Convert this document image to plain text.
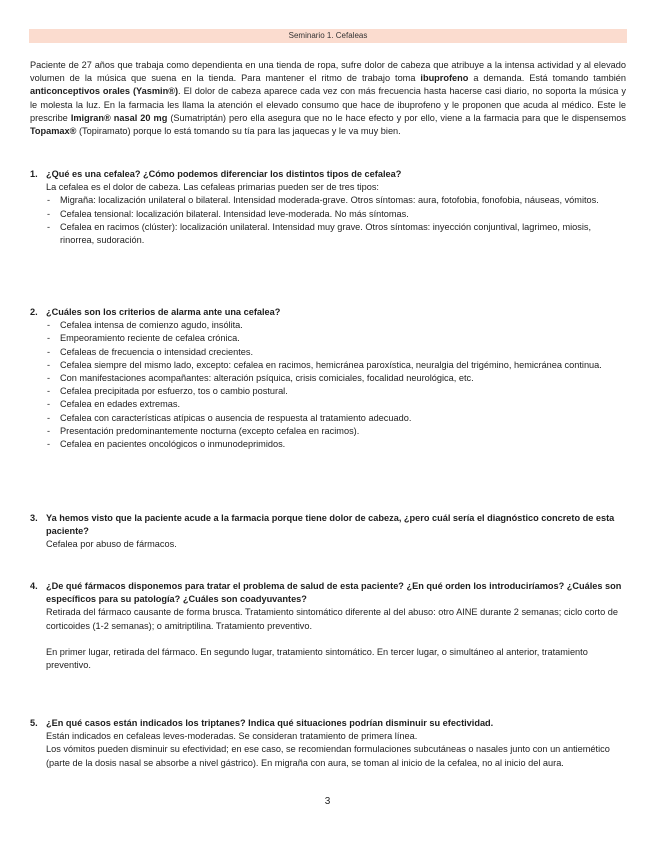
Seminario 1. Cefaleas
Paciente de 27 años que trabaja como dependienta en una tienda de ropa, sufre dolor de cabeza que atribuye a la intensa actividad y al elevado volumen de la música que suena en la tienda. Para mantener el ritmo de trabajo toma ibuprofeno a demanda. Está tomando también anticonceptivos orales (Yasmin®). El dolor de cabeza aparece cada vez con más frecuencia hasta hacerse casi diario, no soporta la música y le molesta la luz. En la farmacia les llama la atención el elevado consumo que hace de ibuprofeno y le proponen que acuda al médico. Este le prescribe Imigran® nasal 20 mg (Sumatriptán) pero ella asegura que no le hace efecto y por ello, viene a la farmacia para que le dispensemos Topamax® (Topiramato) porque lo está tomando su tía para las jaquecas y le va muy bien.
1. ¿Qué es una cefalea? ¿Cómo podemos diferenciar los distintos tipos de cefalea?
La cefalea es el dolor de cabeza. Las cefaleas primarias pueden ser de tres tipos:
- Migraña: localización unilateral o bilateral. Intensidad moderada-grave. Otros síntomas: aura, fotofobia, fonofobia, náuseas, vómitos.
- Cefalea tensional: localización bilateral. Intensidad leve-moderada. No más síntomas.
- Cefalea en racimos (clúster): localización unilateral. Intensidad muy grave. Otros síntomas: inyección conjuntival, lagrimeo, miosis, rinorrea, sudoración.
2. ¿Cuáles son los criterios de alarma ante una cefalea?
- Cefalea intensa de comienzo agudo, insólita.
- Empeoramiento reciente de cefalea crónica.
- Cefaleas de frecuencia o intensidad crecientes.
- Cefalea siempre del mismo lado, excepto: cefalea en racimos, hemicránea paroxística, neuralgia del trigémino, hemicránea continua.
- Con manifestaciones acompañantes: alteración psíquica, crisis comiciales, focalidad neurológica, etc.
- Cefalea precipitada por esfuerzo, tos o cambio postural.
- Cefalea en edades extremas.
- Cefalea con características atípicas o ausencia de respuesta al tratamiento adecuado.
- Presentación predominantemente nocturna (excepto cefalea en racimos).
- Cefalea en pacientes oncológicos o inmunodeprimidos.
3. Ya hemos visto que la paciente acude a la farmacia porque tiene dolor de cabeza, ¿pero cuál sería el diagnóstico concreto de esta paciente?
Cefalea por abuso de fármacos.
4. ¿De qué fármacos disponemos para tratar el problema de salud de esta paciente? ¿En qué orden los introduciríamos? ¿Cuáles son específicos para su patología? ¿Cuáles son coadyuvantes?
Retirada del fármaco causante de forma brusca. Tratamiento sintomático diferente al del abuso: otro AINE durante 2 semanas; ciclo corto de corticoides (1-2 semanas); o amitriptilina. Tratamiento preventivo.
En primer lugar, retirada del fármaco. En segundo lugar, tratamiento sintomático. En tercer lugar, o simultáneo al anterior, tratamiento preventivo.
5. ¿En qué casos están indicados los triptanes? Indica qué situaciones podrían disminuir su efectividad.
Están indicados en cefaleas leves-moderadas. Se consideran tratamiento de primera línea.
Los vómitos pueden disminuir su efectividad; en ese caso, se recomiendan formulaciones subcutáneas o nasales junto con un antiemético (parte de la dosis nasal se absorbe a nivel gástrico). En migraña con aura, se toman al inicio de la cefalea, no al inicio del aura.
3
